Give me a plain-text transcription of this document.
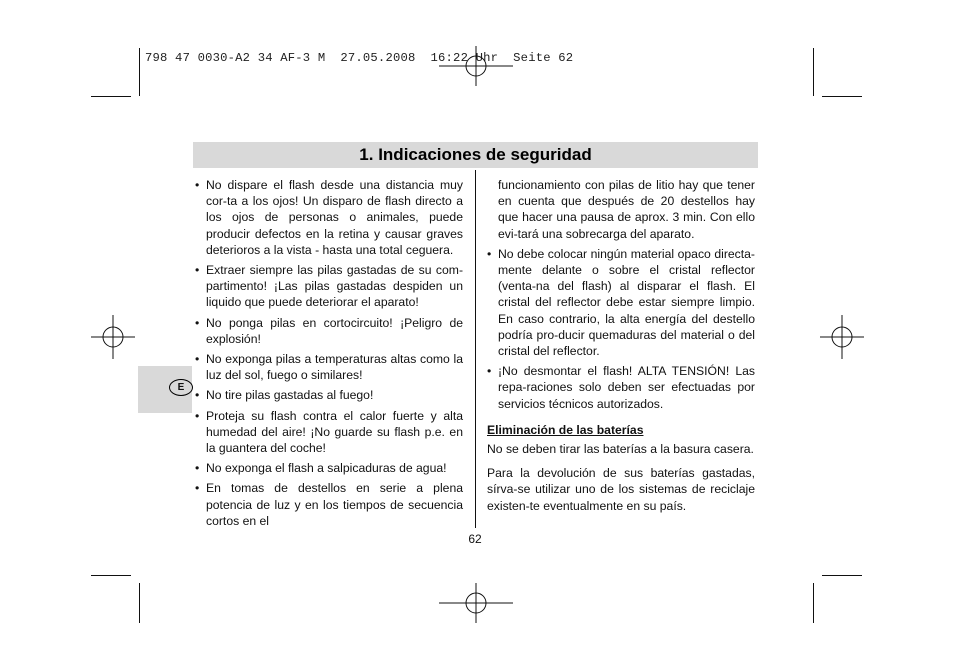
798 47 0030-A2 34 AF-3 M  27.05.2008  16:22 Uhr  Seite 62
1. Indicaciones de seguridad
E
• No dispare el flash desde una distancia muy cor-ta a los ojos! Un disparo de flash directo a los ojos de personas o animales, puede producir defectos en la retina y causar graves deterioros a la vista - hasta una total ceguera.
• Extraer siempre las pilas gastadas de su com-partimento! ¡Las pilas gastadas despiden un liquido que puede deteriorar el aparato!
• No ponga pilas en cortocircuito! ¡Peligro de explosión!
• No exponga pilas a temperaturas altas como la luz del sol, fuego o similares!
• No tire pilas gastadas al fuego!
• Proteja su flash contra el calor fuerte y alta humedad del aire! ¡No guarde su flash p.e. en la guantera del coche!
• No exponga el flash a salpicaduras de agua!
• En tomas de destellos en serie a plena potencia de luz y en los tiempos de secuencia cortos en el

funcionamiento con pilas de litio hay que tener en cuenta que después de 20 destellos hay que hacer una pausa de aprox. 3 min. Con ello evi-tará una sobrecarga del aparato.

• No debe colocar ningún material opaco directa-mente delante o sobre el cristal reflector (venta-na del flash) al disparar el flash. El cristal del reflector debe estar siempre limpio. En caso contrario, la alta energía del destello podría pro-ducir quemaduras del material o del cristal del reflector.
• ¡No desmontar el flash! ALTA TENSIÓN! Las repa-raciones solo deben ser efectuadas por servicios técnicos autorizados.
Eliminación de las baterías

No se deben tirar las baterías a la basura casera.

Para la devolución de sus baterías gastadas, sírva-se utilizar uno de los sistemas de reciclaje existen-te eventualmente en su país.

62
